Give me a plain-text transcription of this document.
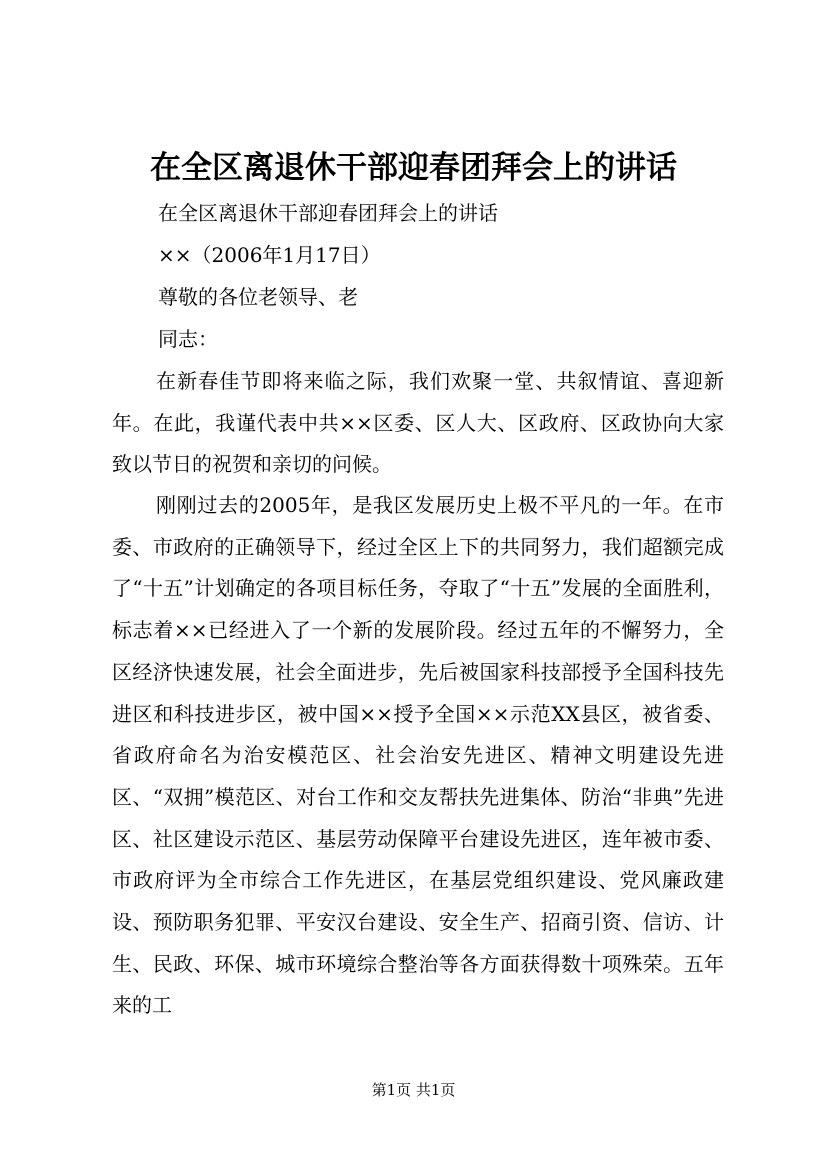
在全区离退休干部迎春团拜会上的讲话
在全区离退休干部迎春团拜会上的讲话
××（2006年1月17日）
尊敬的各位老领导、老
同志：

在新春佳节即将来临之际，我们欢聚一堂、共叙情谊、喜迎新年。在此，我谨代表中共××区委、区人大、区政府、区政协向大家致以节日的祝贺和亲切的问候。

刚刚过去的2005年，是我区发展历史上极不平凡的一年。在市委、市政府的正确领导下，经过全区上下的共同努力，我们超额完成了“十五”计划确定的各项目标任务，夺取了“十五”发展的全面胜利，标志着××已经进入了一个新的发展阶段。经过五年的不懈努力，全区经济快速发展，社会全面进步，先后被国家科技部授予全国科技先进区和科技进步区，被中国××授予全国××示范XX县区，被省委、省政府命名为治安模范区、社会治安先进区、精神文明建设先进区、“双拥”模范区、对台工作和交友帮扶先进集体、防治“非典”先进区、社区建设示范区、基层劳动保障平台建设先进区，连年被市委、市政府评为全市综合工作先进区，在基层党组织建设、党风廉政建设、预防职务犯罪、平安汉台建设、安全生产、招商引资、信访、计生、民政、环保、城市环境综合整治等各方面获得数十项殊荣。五年来的工

第1页 共1页
